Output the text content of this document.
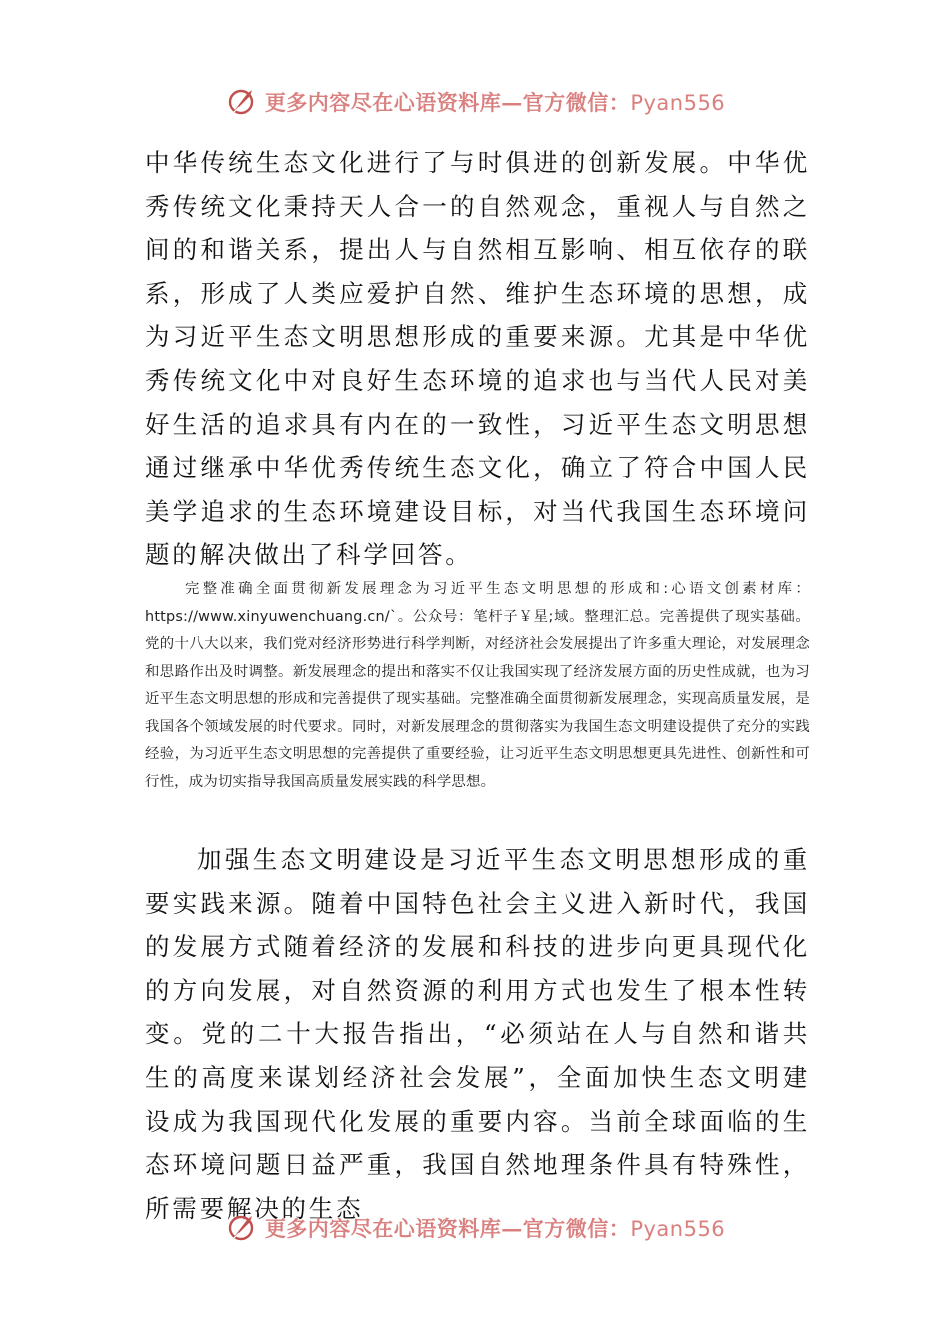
更多内容尽在心语资料库—官方微信：Pyan556

中华传统生态文化进行了与时俱进的创新发展。中华优秀传统文化秉持天人合一的自然观念，重视人与自然之间的和谐关系，提出人与自然相互影响、相互依存的联系，形成了人类应爱护自然、维护生态环境的思想，成为习近平生态文明思想形成的重要来源。尤其是中华优秀传统文化中对良好生态环境的追求也与当代人民对美好生活的追求具有内在的一致性，习近平生态文明思想通过继承中华优秀传统生态文化，确立了符合中国人民美学追求的生态环境建设目标，对当代我国生态环境问题的解决做出了科学回答。

完整准确全面贯彻新发展理念为习近平生态文明思想的形成和:心语文创素材库：https://www.xinyuwenchuang.cn/`。公众号：笔杆子￥星;域。整理汇总。完善提供了现实基础。党的十八大以来，我们党对经济形势进行科学判断，对经济社会发展提出了许多重大理论，对发展理念和思路作出及时调整。新发展理念的提出和落实不仅让我国实现了经济发展方面的历史性成就，也为习近平生态文明思想的形成和完善提供了现实基础。完整准确全面贯彻新发展理念，实现高质量发展，是我国各个领域发展的时代要求。同时，对新发展理念的贯彻落实为我国生态文明建设提供了充分的实践经验，为习近平生态文明思想的完善提供了重要经验，让习近平生态文明思想更具先进性、创新性和可行性，成为切实指导我国高质量发展实践的科学思想。

加强生态文明建设是习近平生态文明思想形成的重要实践来源。随着中国特色社会主义进入新时代，我国的发展方式随着经济的发展和科技的进步向更具现代化的方向发展，对自然资源的利用方式也发生了根本性转变。党的二十大报告指出，“必须站在人与自然和谐共生的高度来谋划经济社会发展”，全面加快生态文明建设成为我国现代化发展的重要内容。当前全球面临的生态环境问题日益严重，我国自然地理条件具有特殊性，所需要解决的生态

更多内容尽在心语资料库—官方微信：Pyan556
